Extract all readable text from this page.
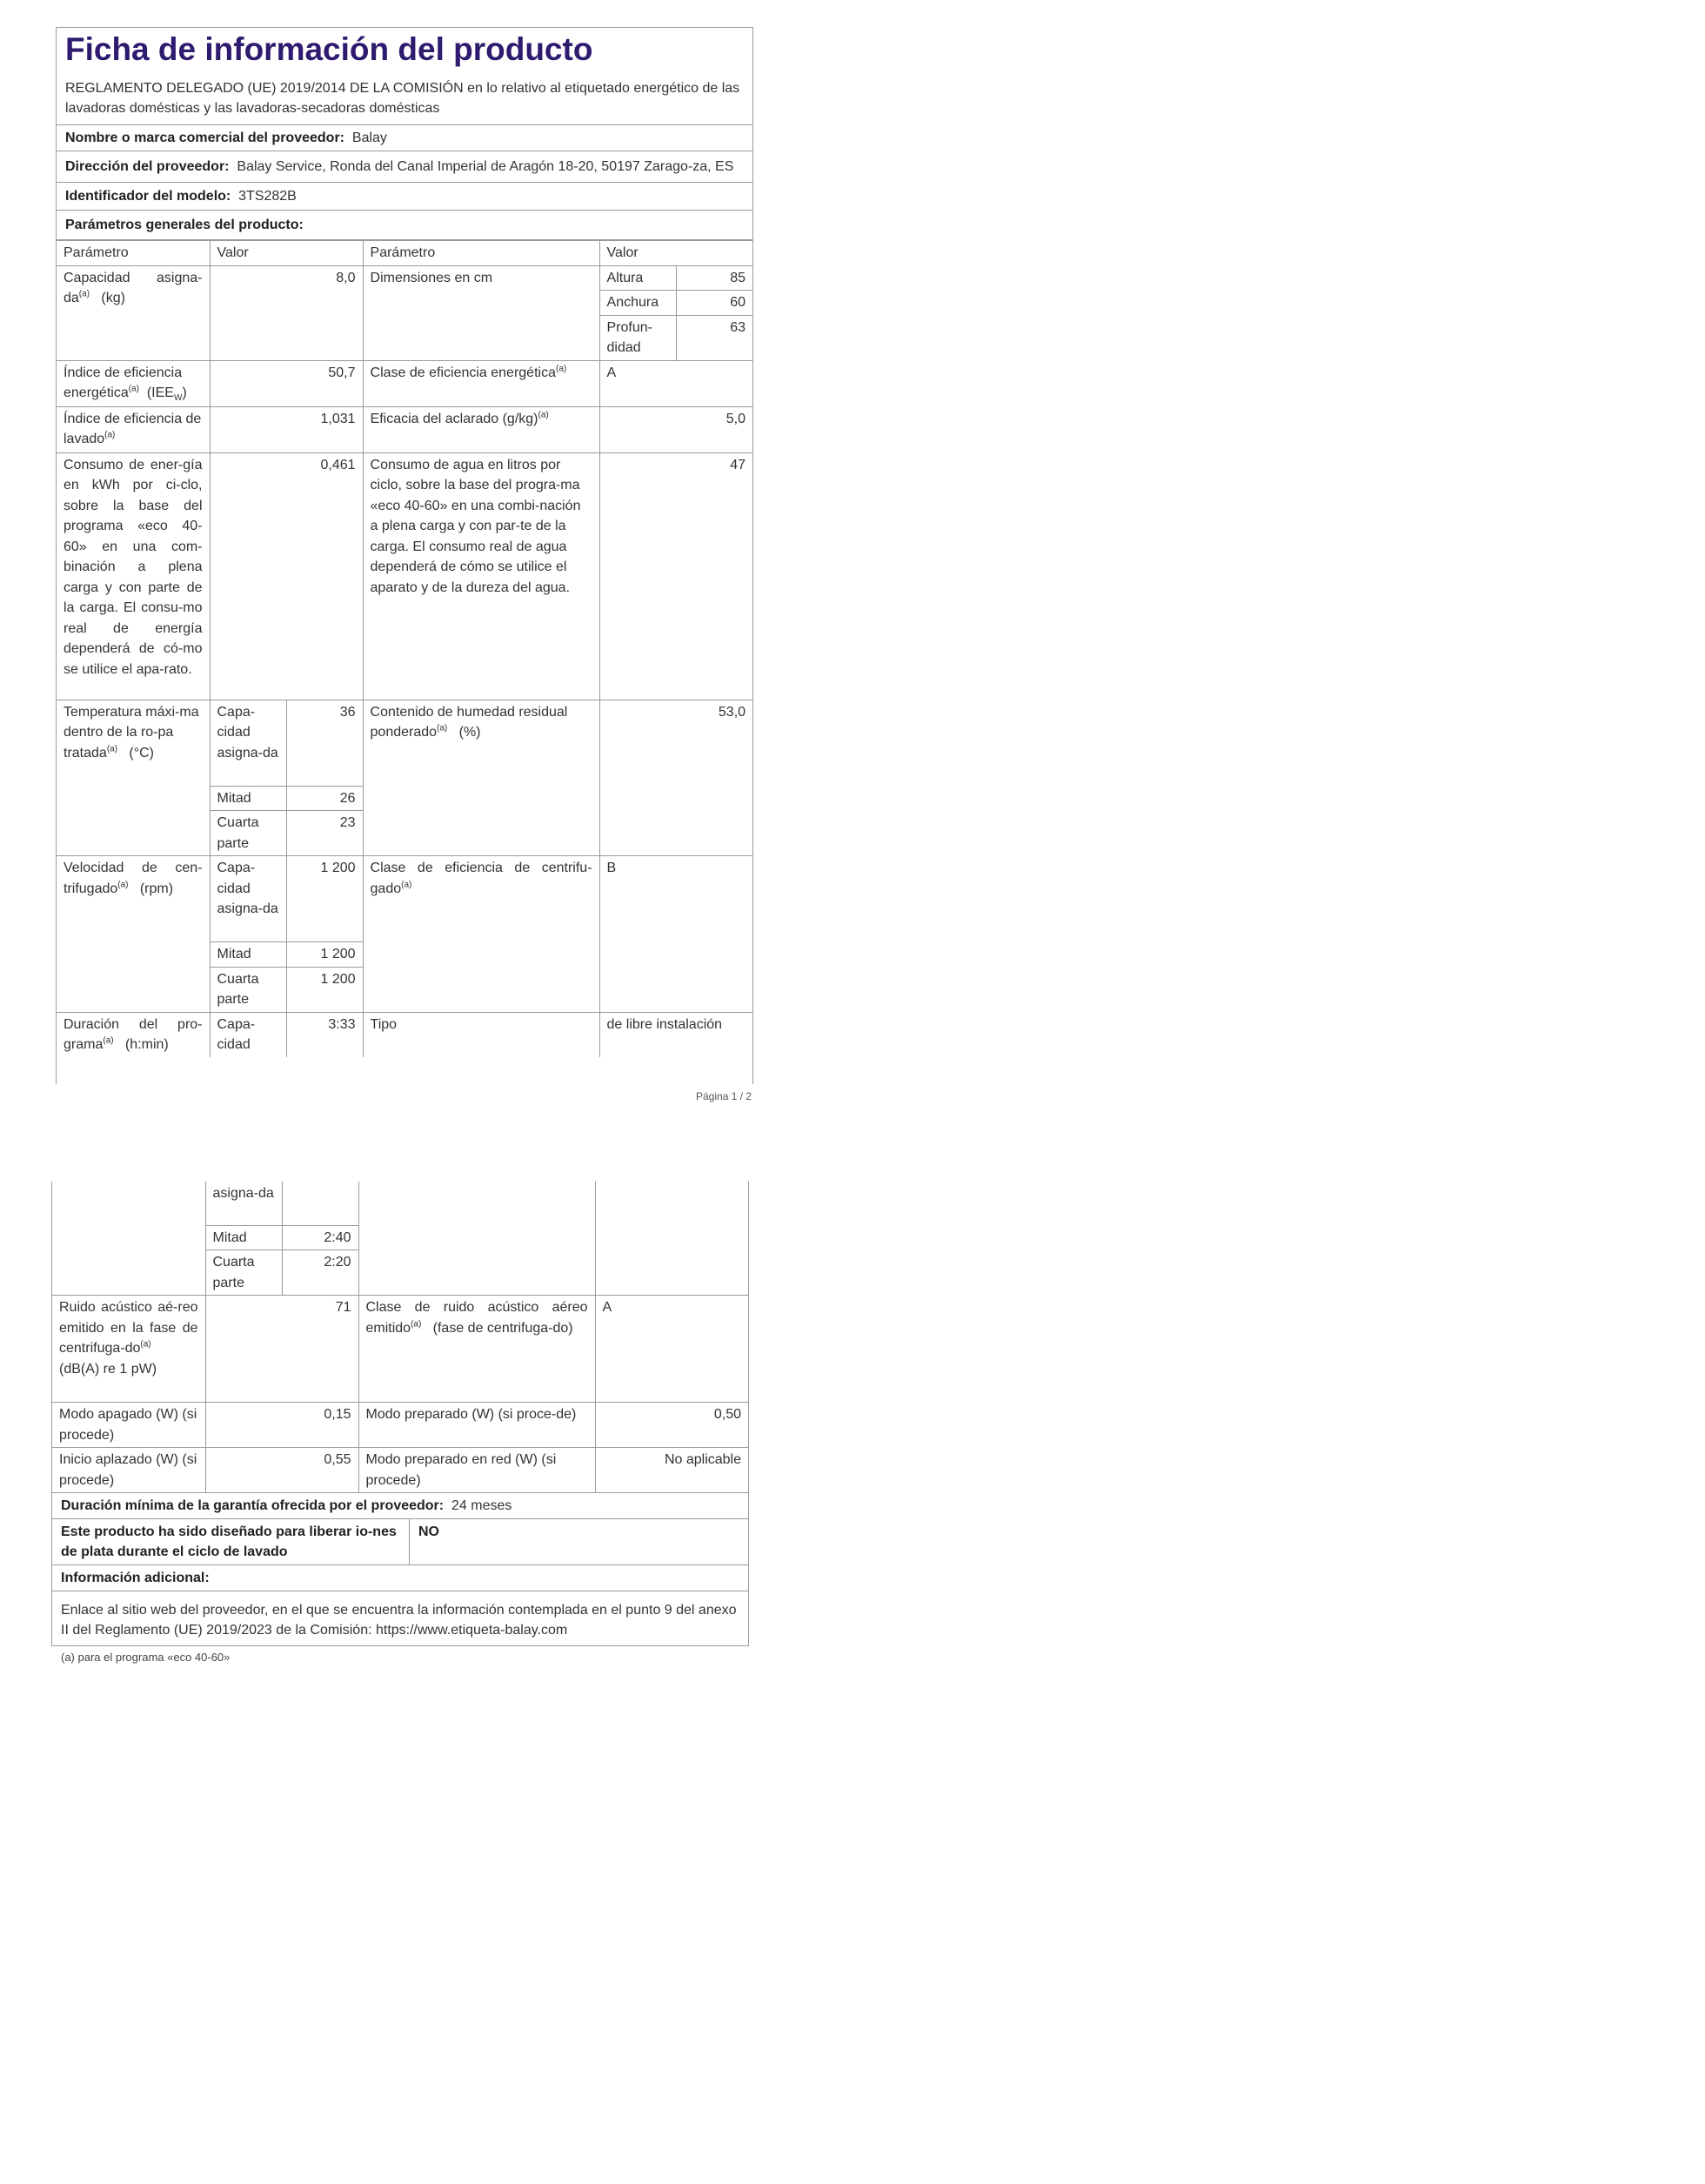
Ficha de información del producto
REGLAMENTO DELEGADO (UE) 2019/2014 DE LA COMISIÓN en lo relativo al etiquetado energético de las lavadoras domésticas y las lavadoras-secadoras domésticas
Nombre o marca comercial del proveedor: Balay
Dirección del proveedor: Balay Service, Ronda del Canal Imperial de Aragón 18-20, 50197 Zarago-za, ES
Identificador del modelo: 3TS282B
Parámetros generales del producto:
Parámetro	Valor	Parámetro	Valor
Capacidad asigna-$da^{(a)}$ (kg)	8,0	Dimensiones en cm		Altura	85
Anchura	60
Profun-didad	63

Índice de eficiencia energética$^{(a)}$ $(IEE_W)$	50,7	Clase de eficiencia energética$^{(a)}$	A
Índice de eficiencia de lavado$^{(a)}$	1,031	Eficacia del aclarado $(g/kg)^{(a)}$	5,0
Consumo de ener-gía en kWh por ci-clo, sobre la base del programa «eco 40-60» en una com-binación a plena carga y con parte de la carga. El consu-mo real de energía dependerá de có-mo se utilice el apa-rato.	0,461	Consumo de agua en litros por ciclo, sobre la base del progra-ma «eco 40-60» en una combi-nación a plena carga y con par-te de la carga. El consumo real de agua dependerá de cómo se utilice el aparato y de la dureza del agua.	47
Temperatura máxi-ma dentro de la ro-pa tratada$^{(a)}$ (°C)	Capa-cidad asigna-da	36	Contenido de humedad residual ponderado$^{(a)}$ (%)	53,0
Mitad	26
Cuarta parte	23
Velocidad de cen-trifugado$^{(a)}$ (rpm)	Capa-cidad asigna-da	1 200	Clase de eficiencia de centrifu-gado$^{(a)}$	B
Mitad	1 200
Cuarta parte	1 200
Duración del pro-grama$^{(a)}$ (h:min)	Capa-cidad	3:33	Tipo	de libre instalación
Página 1 / 2
	asigna-da			
	Mitad	2:40		
	Cuarta parte	2:20		
Ruido acústico aé-reo emitido en la fase de centrifuga-$do^{(a)}$   (dB(A) re 1 pW)	71		Clase de ruido acústico aéreo emitido$^{(a)}$ (fase de centrifuga-do)	A
Modo apagado (W) (si procede)	0,15		Modo preparado (W) (si proce-de)	0,50
Inicio aplazado (W) (si procede)	0,55		Modo preparado en red (W) (si procede)	No aplicable
Duración mínima de la garantía ofrecida por el proveedor: 24 meses
Este producto ha sido diseñado para liberar io-nes de plata durante el ciclo de lavado
NO
Información adicional:
Enlace al sitio web del proveedor, en el que se encuentra la información contemplada en el punto 9 del anexo II del Reglamento (UE) 2019/2023 de la Comisión: https://www.etiqueta-balay.com
(a) para el programa «eco 40-60»
